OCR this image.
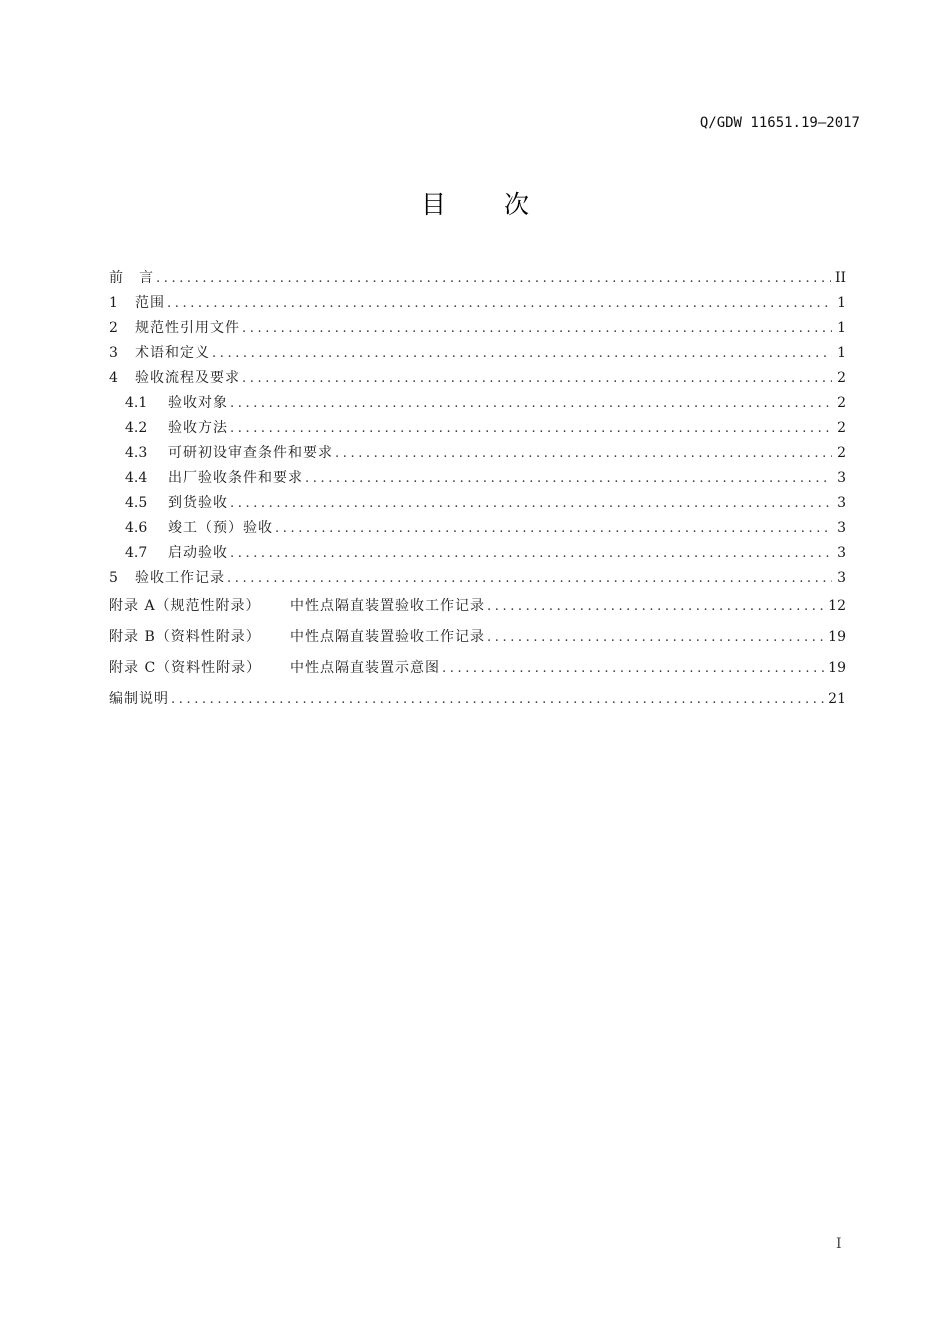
Q/GDW 11651.19—2017
目 次
前　言 .....	II
1	范围 .....	1
2	规范性引用文件 .....	1
3	术语和定义 .....	1
4	验收流程及要求 .....	2
4.1	验收对象 .....	2
4.2	验收方法 .....	2
4.3	可研初设审查条件和要求 .....	2
4.4	出厂验收条件和要求 .....	3
4.5	到货验收 .....	3
4.6	竣工（预）验收 .....	3
4.7	启动验收 .....	3
5	验收工作记录 .....	3
附录 A（规范性附录）	中性点隔直装置验收工作记录 .....	12
附录 B（资料性附录）	中性点隔直装置验收工作记录 .....	19
附录 C（资料性附录）	中性点隔直装置示意图 .....	19
编制说明 .....	21
I
